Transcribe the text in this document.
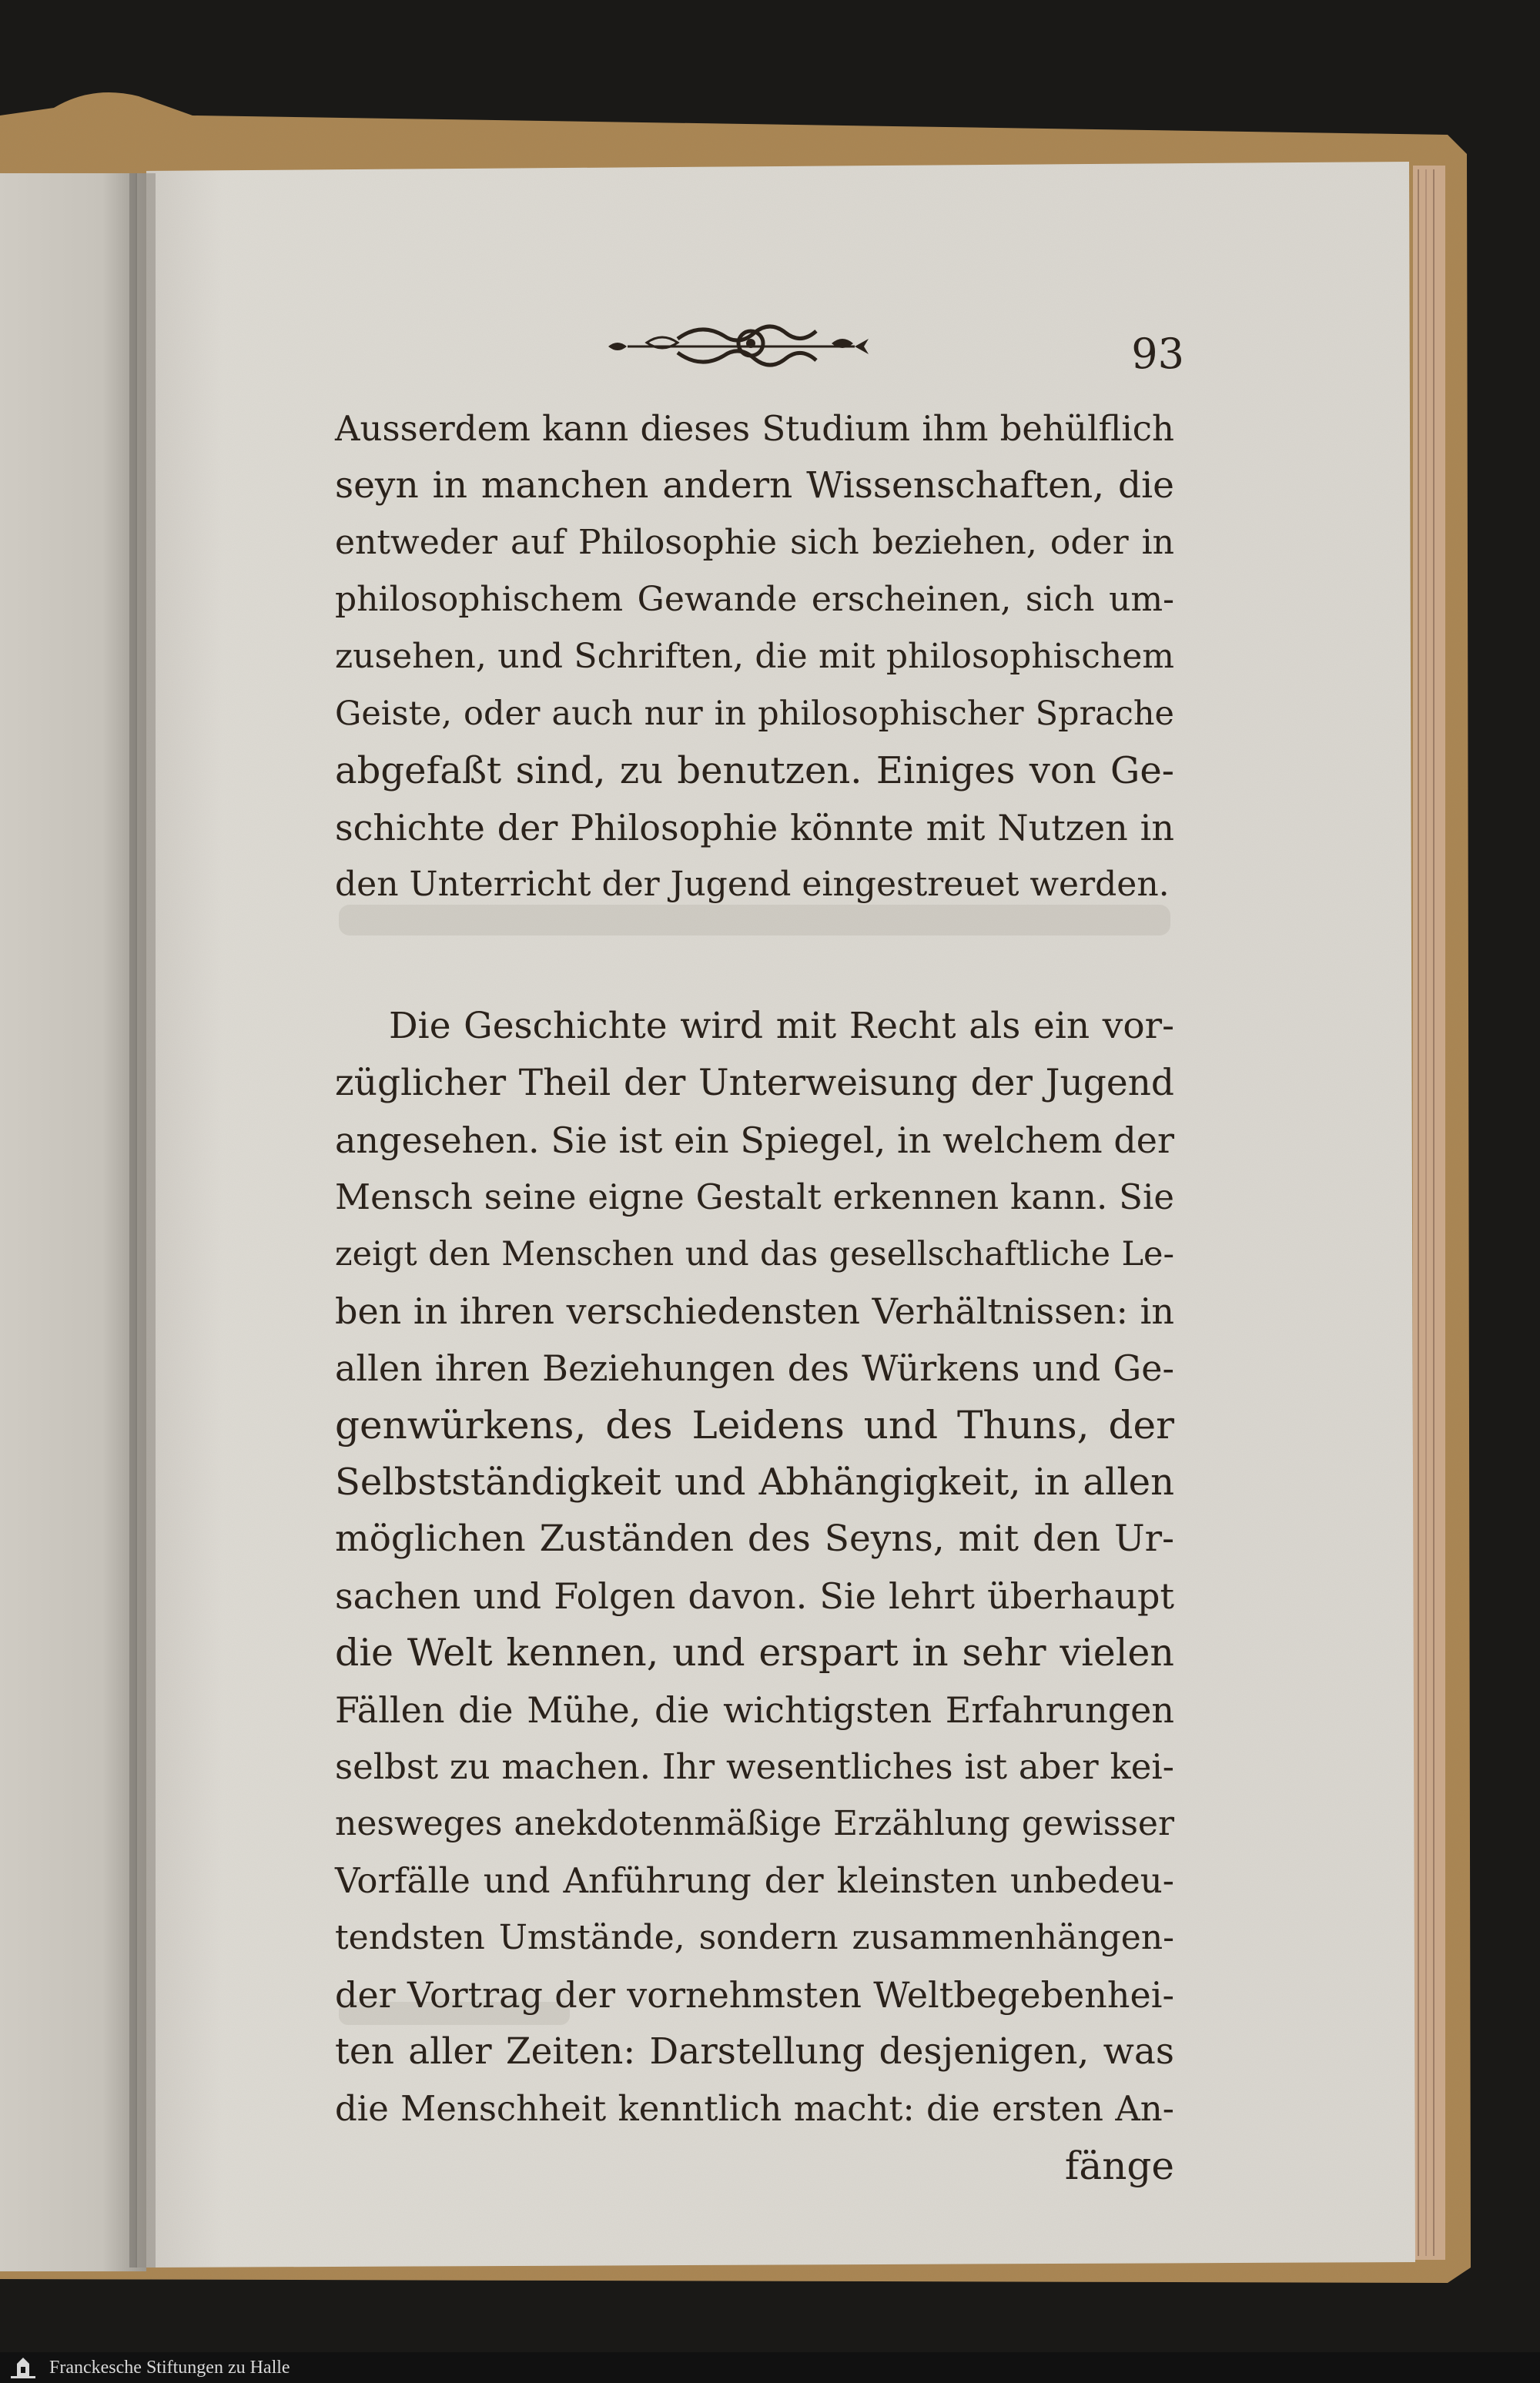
93
Ausserdem kann dieses Studium ihm behülflich
seyn in manchen andern Wissenschaften, die
entweder auf Philosophie sich beziehen, oder in
philosophischem Gewande erscheinen, sich um-
zusehen, und Schriften, die mit philosophischem
Geiste, oder auch nur in philosophischer Sprache
abgefaßt sind, zu benutzen. Einiges von Ge-
schichte der Philosophie könnte mit Nutzen in
den Unterricht der Jugend eingestreuet werden.
Die Geschichte wird mit Recht als ein vor-
züglicher Theil der Unterweisung der Jugend
angesehen. Sie ist ein Spiegel, in welchem der
Mensch seine eigne Gestalt erkennen kann. Sie
zeigt den Menschen und das gesellschaftliche Le-
ben in ihren verschiedensten Verhältnissen: in
allen ihren Beziehungen des Würkens und Ge-
genwürkens, des Leidens und Thuns, der
Selbstständigkeit und Abhängigkeit, in allen
möglichen Zuständen des Seyns, mit den Ur-
sachen und Folgen davon. Sie lehrt überhaupt
die Welt kennen, und erspart in sehr vielen
Fällen die Mühe, die wichtigsten Erfahrungen
selbst zu machen. Ihr wesentliches ist aber kei-
nesweges anekdotenmäßige Erzählung gewisser
Vorfälle und Anführung der kleinsten unbedeu-
tendsten Umstände, sondern zusammenhängen-
der Vortrag der vornehmsten Weltbegebenhei-
ten aller Zeiten: Darstellung desjenigen, was
die Menschheit kenntlich macht: die ersten An-
fänge
Franckesche Stiftungen zu Halle
